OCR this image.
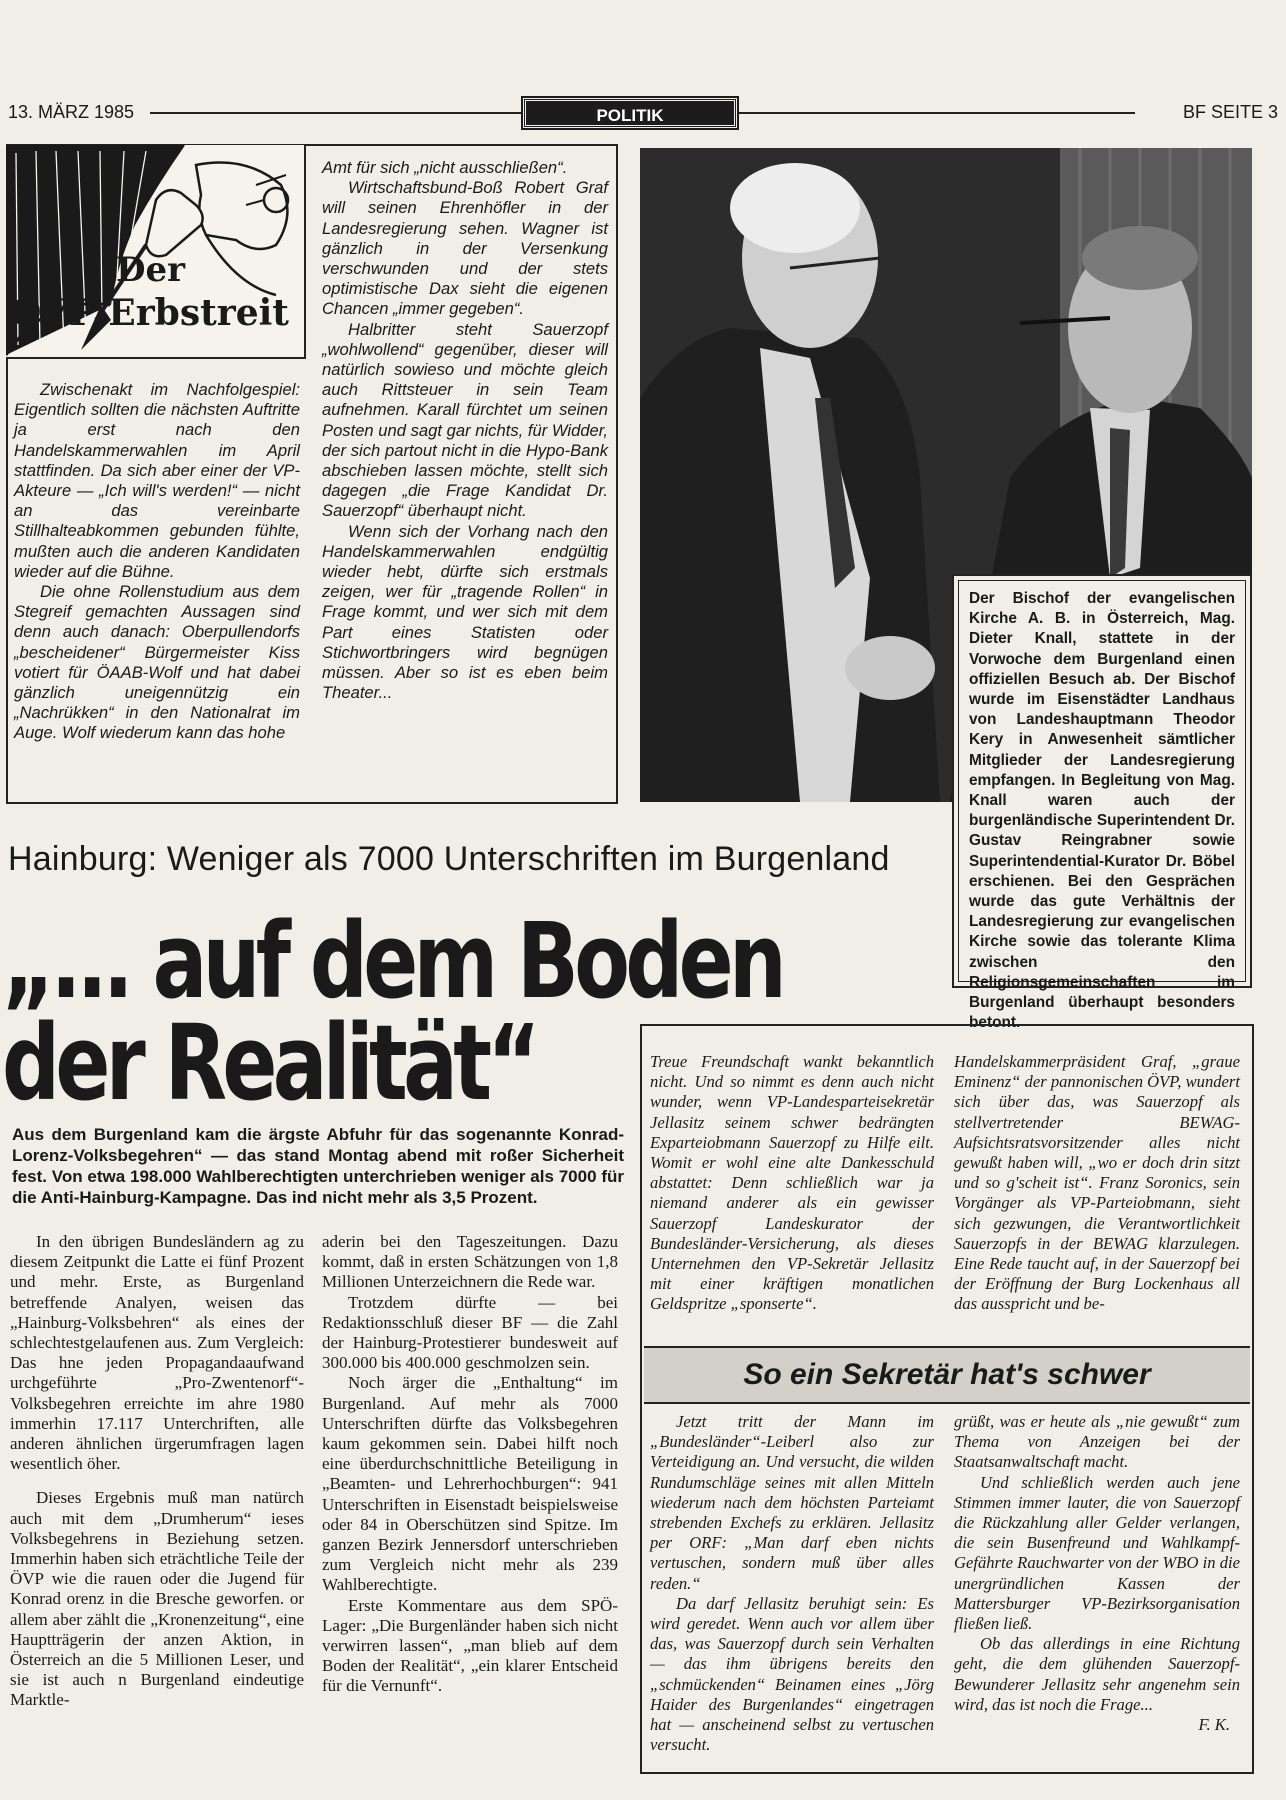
13. MÄRZ 1985	POLITIK	BF SEITE 3
Der
ÖVP Erbstreit

Zwischenakt im Nachfolgespiel: Eigentlich sollten die nächsten Auftritte ja erst nach den Handelskammerwahlen im April stattfinden. Da sich aber einer der VP-Akteure — „Ich will's werden!“ — nicht an das vereinbarte Stillhalteabkommen gebunden fühlte, mußten auch die anderen Kandidaten wieder auf die Bühne.

Die ohne Rollenstudium aus dem Stegreif gemachten Aussagen sind denn auch danach: Oberpullendorfs „bescheidener“ Bürgermeister Kiss votiert für ÖAAB-Wolf und hat dabei gänzlich uneigennützig ein „Nachrükken“ in den Nationalrat im Auge. Wolf wiederum kann das hohe

Amt für sich „nicht ausschließen“.

Wirtschaftsbund-Boß Robert Graf will seinen Ehrenhöfler in der Landesregierung sehen. Wagner ist gänzlich in der Versenkung verschwunden und der stets optimistische Dax sieht die eigenen Chancen „immer gegeben“.

Halbritter steht Sauerzopf „wohlwollend“ gegenüber, dieser will natürlich sowieso und möchte gleich auch Rittsteuer in sein Team aufnehmen. Karall fürchtet um seinen Posten und sagt gar nichts, für Widder, der sich partout nicht in die Hypo-Bank abschieben lassen möchte, stellt sich dagegen „die Frage Kandidat Dr. Sauerzopf“ überhaupt nicht.

Wenn sich der Vorhang nach den Handelskammerwahlen endgültig wieder hebt, dürfte sich erstmals zeigen, wer für „tragende Rollen“ in Frage kommt, und wer sich mit dem Part eines Statisten oder Stichwortbringers wird begnügen müssen. Aber so ist es eben beim Theater...

Der Bischof der evangelischen Kirche A. B. in Österreich, Mag. Dieter Knall, stattete in der Vorwoche dem Burgenland einen offiziellen Besuch ab. Der Bischof wurde im Eisenstädter Landhaus von Landeshauptmann Theodor Kery in Anwesenheit sämtlicher Mitglieder der Landesregierung empfangen. In Begleitung von Mag. Knall waren auch der burgenländische Superintendent Dr. Gustav Reingrabner sowie Superintendential-Kurator Dr. Böbel erschienen. Bei den Gesprächen wurde das gute Verhältnis der Landesregierung zur evangelischen Kirche sowie das tolerante Klima zwischen den Religionsgemeinschaften im Burgenland überhaupt besonders betont.

Hainburg: Weniger als 7000 Unterschriften im Burgenland
„... auf dem Boden
der Realität“
Aus dem Burgenland kam die ärgste Abfuhr für das sogenannte Konrad-Lorenz-Volksbegehren“ — das stand Montag abend mit roßer Sicherheit fest. Von etwa 198.000 Wahlberechtigten unterchrieben weniger als 7000 für die Anti-Hainburg-Kampagne. Das ind nicht mehr als 3,5 Prozent.

In den übrigen Bundesländern ag zu diesem Zeitpunkt die Latte ei fünf Prozent und mehr. Erste, as Burgenland betreffende Analyen, weisen das „Hainburg-Volksbehren“ als eines der schlechtestgelaufenen aus. Zum Vergleich: Das hne jeden Propagandaaufwand urchgeführte „Pro-Zwentenorf“-Volksbegehren erreichte im ahre 1980 immerhin 17.117 Unterchriften, alle anderen ähnlichen ürgerumfragen lagen wesentlich öher.

Dieses Ergebnis muß man natürch auch mit dem „Drumherum“ ieses Volksbegehrens in Beziehung setzen. Immerhin haben sich eträchtliche Teile der ÖVP wie die rauen oder die Jugend für Konrad orenz in die Bresche geworfen. or allem aber zählt die „Kronenzeitung“, eine Hauptträgerin der anzen Aktion, in Österreich an die 5 Millionen Leser, und sie ist auch n Burgenland eindeutige Marktle-

aderin bei den Tageszeitungen. Dazu kommt, daß in ersten Schätzungen von 1,8 Millionen Unterzeichnern die Rede war.

Trotzdem dürfte — bei Redaktionsschluß dieser BF — die Zahl der Hainburg-Protestierer bundesweit auf 300.000 bis 400.000 geschmolzen sein.

Noch ärger die „Enthaltung“ im Burgenland. Auf mehr als 7000 Unterschriften dürfte das Volksbegehren kaum gekommen sein. Dabei hilft noch eine überdurchschnittliche Beteiligung in „Beamten- und Lehrerhochburgen“: 941 Unterschriften in Eisenstadt beispielsweise oder 84 in Oberschützen sind Spitze. Im ganzen Bezirk Jennersdorf unterschrieben zum Vergleich nicht mehr als 239 Wahlberechtigte.

Erste Kommentare aus dem SPÖ-Lager: „Die Burgenländer haben sich nicht verwirren lassen“, „man blieb auf dem Boden der Realität“, „ein klarer Entscheid für die Vernunft“.

Treue Freundschaft wankt bekanntlich nicht. Und so nimmt es denn auch nicht wunder, wenn VP-Landesparteisekretär Jellasitz seinem schwer bedrängten Exparteiobmann Sauerzopf zu Hilfe eilt. Womit er wohl eine alte Dankesschuld abstattet: Denn schließlich war ja niemand anderer als ein gewisser Sauerzopf Landeskurator der Bundesländer-Versicherung, als dieses Unternehmen den VP-Sekretär Jellasitz mit einer kräftigen monatlichen Geldspritze „sponserte“.
Handelskammerpräsident Graf, „graue Eminenz“ der pannonischen ÖVP, wundert sich über das, was Sauerzopf als stellvertretender BEWAG-Aufsichtsratsvorsitzender alles nicht gewußt haben will, „wo er doch drin sitzt und so g'scheit ist“. Franz Soronics, sein Vorgänger als VP-Parteiobmann, sieht sich gezwungen, die Verantwortlichkeit Sauerzopfs in der BEWAG klarzulegen. Eine Rede taucht auf, in der Sauerzopf bei der Eröffnung der Burg Lockenhaus all das ausspricht und be-
So ein Sekretär hat's schwer

Jetzt tritt der Mann im „Bundesländer“-Leiberl also zur Verteidigung an. Und versucht, die wilden Rundumschläge seines mit allen Mitteln wiederum nach dem höchsten Parteiamt strebenden Exchefs zu erklären. Jellasitz per ORF: „Man darf eben nichts vertuschen, sondern muß über alles reden.“

Da darf Jellasitz beruhigt sein: Es wird geredet. Wenn auch vor allem über das, was Sauerzopf durch sein Verhalten — das ihm übrigens bereits den „schmückenden“ Beinamen eines „Jörg Haider des Burgenlandes“ eingetragen hat — anscheinend selbst zu vertuschen versucht.

grüßt, was er heute als „nie gewußt“ zum Thema von Anzeigen bei der Staatsanwaltschaft macht.

Und schließlich werden auch jene Stimmen immer lauter, die von Sauerzopf die Rückzahlung aller Gelder verlangen, die sein Busenfreund und Wahlkampf-Gefährte Rauchwarter von der WBO in die unergründlichen Kassen der Mattersburger VP-Bezirksorganisation fließen ließ.

Ob das allerdings in eine Richtung geht, die dem glühenden Sauerzopf-Bewunderer Jellasitz sehr angenehm sein wird, das ist noch die Frage...

F. K.
